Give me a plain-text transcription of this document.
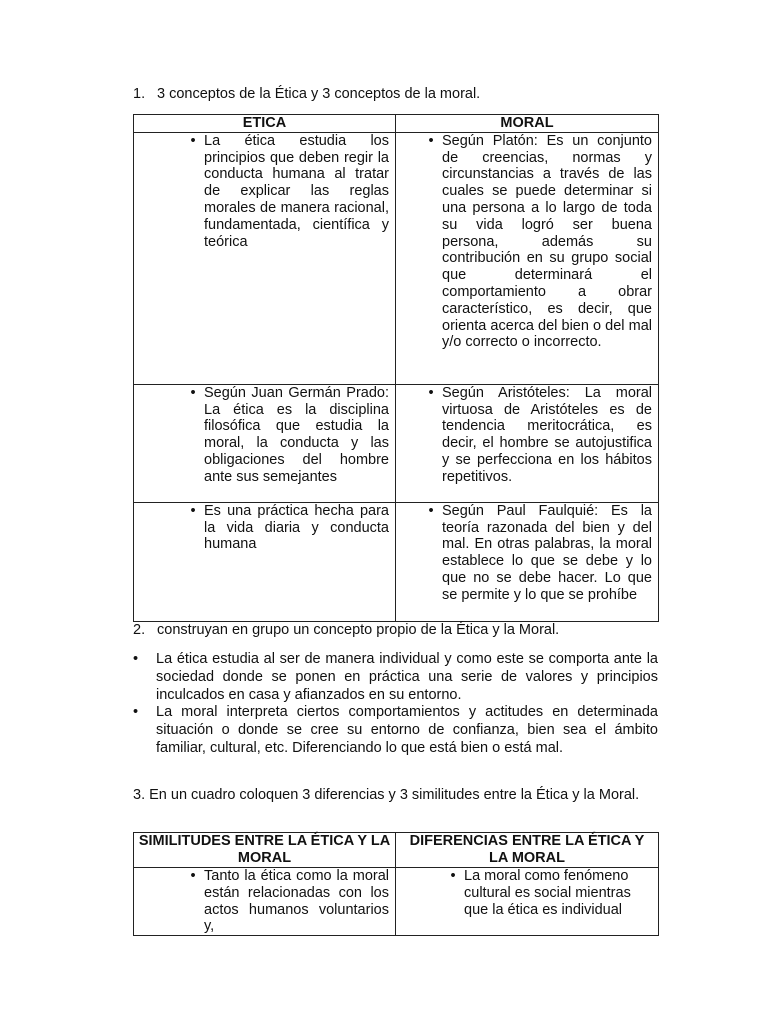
1. 3 conceptos de la Ética y 3 conceptos de la moral.
ETICA	MORAL

• La ética estudia los principios que deben regir la conducta humana al tratar de explicar las reglas morales de manera racional, fundamentada, científica y teórica	• Según Platón: Es un conjunto de creencias, normas y circunstancias a través de las cuales se puede determinar si una persona a lo largo de toda su vida logró ser buena persona, además su contribución en su grupo social que determinará el comportamiento a obrar característico, es decir, que orienta acerca del bien o del mal y/o correcto o incorrecto.

• Según Juan Germán Prado: La ética es la disciplina filosófica que estudia la moral, la conducta y las obligaciones del hombre ante sus semejantes	• Según Aristóteles: La moral virtuosa de Aristóteles es de tendencia meritocrática, es decir, el hombre se autojustifica y se perfecciona en los hábitos repetitivos.

• Es una práctica hecha para la vida diaria y conducta humana	• Según Paul Faulquié: Es la teoría razonada del bien y del mal. En otras palabras, la moral establece lo que se debe y lo que no se debe hacer. Lo que se permite y lo que se prohíbe
2. construyan en grupo un concepto propio de la Ética y la Moral.
•	La ética estudia al ser de manera individual y como este se comporta ante la sociedad donde se ponen en práctica una serie de valores y principios inculcados en casa y afianzados en su entorno.
•	La moral interpreta ciertos comportamientos y actitudes en determinada situación o donde se cree su entorno de confianza, bien sea el ámbito familiar, cultural, etc. Diferenciando lo que está bien o está mal.
3. En un cuadro coloquen 3 diferencias y 3 similitudes entre la Ética y la Moral.
SIMILITUDES ENTRE LA ÉTICA Y LA MORAL	DIFERENCIAS ENTRE LA ÉTICA Y LA MORAL

• Tanto la ética como la moral están relacionadas con los actos humanos voluntarios y,	• La moral como fenómeno cultural es social mientras que la ética es individual
